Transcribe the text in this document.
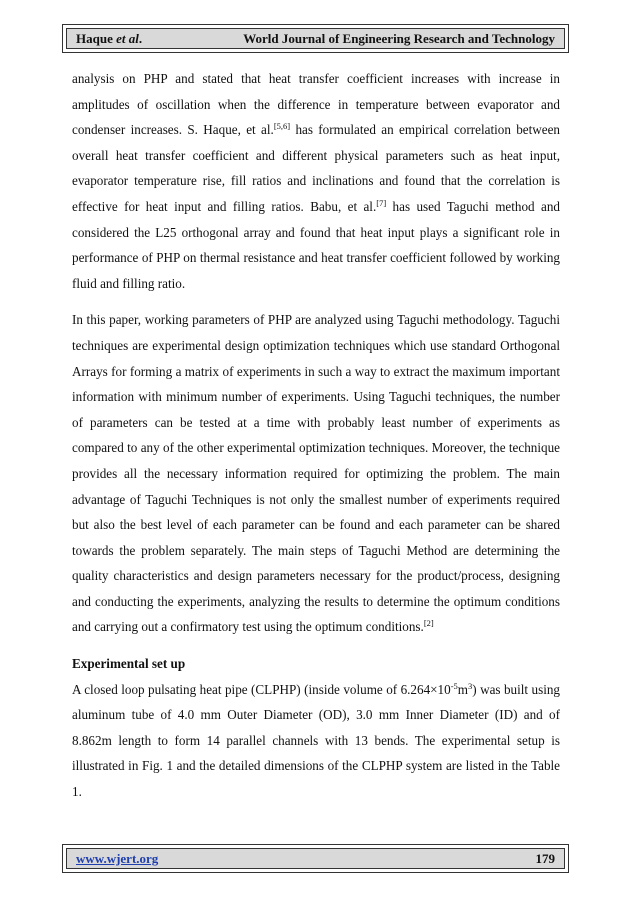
Haque et al.	World Journal of Engineering Research and Technology

analysis on PHP and stated that heat transfer coefficient increases with increase in amplitudes of oscillation when the difference in temperature between evaporator and condenser increases. S. Haque, et al.[5,6] has formulated an empirical correlation between overall heat transfer coefficient and different physical parameters such as heat input, evaporator temperature rise, fill ratios and inclinations and found that the correlation is effective for heat input and filling ratios. Babu, et al.[7] has used Taguchi method and considered the L25 orthogonal array and found that heat input plays a significant role in performance of PHP on thermal resistance and heat transfer coefficient followed by working fluid and filling ratio.

In this paper, working parameters of PHP are analyzed using Taguchi methodology. Taguchi techniques are experimental design optimization techniques which use standard Orthogonal Arrays for forming a matrix of experiments in such a way to extract the maximum important information with minimum number of experiments. Using Taguchi techniques, the number of parameters can be tested at a time with probably least number of experiments as compared to any of the other experimental optimization techniques. Moreover, the technique provides all the necessary information required for optimizing the problem. The main advantage of Taguchi Techniques is not only the smallest number of experiments required but also the best level of each parameter can be found and each parameter can be shared towards the problem separately. The main steps of Taguchi Method are determining the quality characteristics and design parameters necessary for the product/process, designing and conducting the experiments, analyzing the results to determine the optimum conditions and carrying out a confirmatory test using the optimum conditions.[2]

Experimental set up

A closed loop pulsating heat pipe (CLPHP) (inside volume of $6.264\times 10^{-5}m^3$) was built using aluminum tube of 4.0 mm Outer Diameter (OD), 3.0 mm Inner Diameter (ID) and of 8.862m length to form 14 parallel channels with 13 bends. The experimental setup is illustrated in Fig. 1 and the detailed dimensions of the CLPHP system are listed in the Table 1.

www.wjert.org	179
